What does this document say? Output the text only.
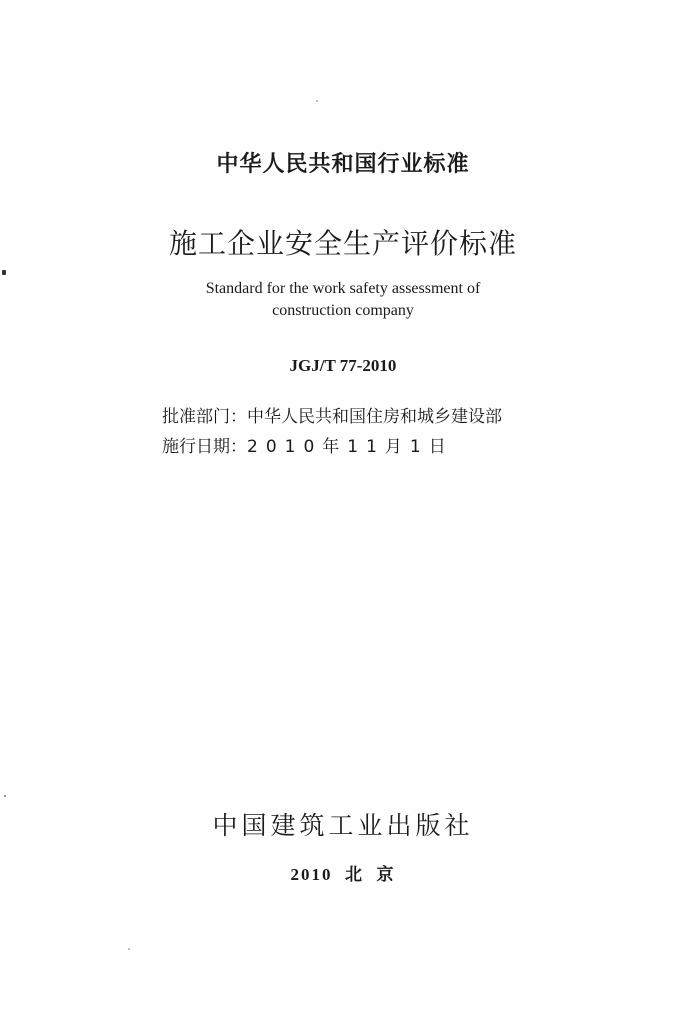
中华人民共和国行业标准
施工企业安全生产评价标准
Standard for the work safety assessment of
construction company
JGJ/T 77-2010
批准部门：中华人民共和国住房和城乡建设部
施行日期：2010年11月1日
中国建筑工业出版社
2010  北  京
